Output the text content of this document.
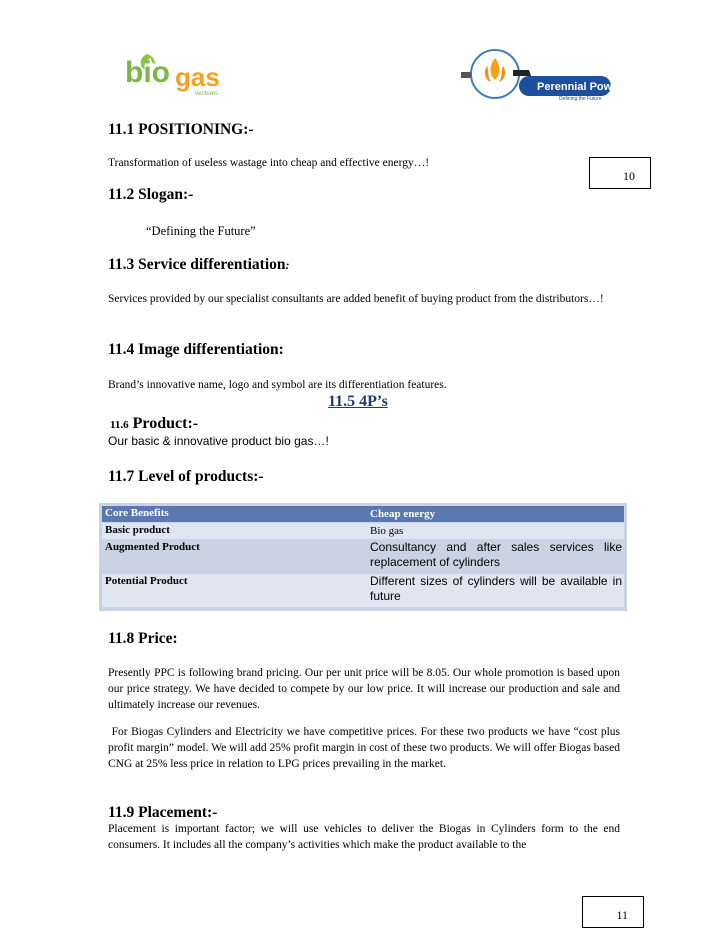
bio gas
ventures
Perennial Powers
Defining the Future
11.1 POSITIONING:-
Transformation of useless wastage into cheap and effective energy…!
10
11.2 Slogan:-
“Defining the Future”
11.3 Service differentiation:
Services provided by our specialist consultants are added benefit of buying product from the distributors…!
11.4 Image differentiation:
Brand’s innovative name, logo and symbol are its differentiation features.
11.5 4P’s
11.6 Product:-
Our basic & innovative product bio gas…!
11.7 Level of products:-
Core Benefits	Cheap energy
Basic product	Bio gas
Augmented Product	Consultancy and after sales services like replacement of cylinders
Potential Product	Different sizes of cylinders will be available in future
11.8 Price:
Presently PPC is following brand pricing. Our per unit price will be 8.05. Our whole promotion is based upon our price strategy. We have decided to compete by our low price. It will increase our production and sale and ultimately increase our revenues.
For Biogas Cylinders and Electricity we have competitive prices. For these two products we have “cost plus profit margin” model. We will add 25% profit margin in cost of these two products. We will offer Biogas based CNG at 25% less price in relation to LPG prices prevailing in the market.
11.9 Placement:-
Placement is important factor; we will use vehicles to deliver the Biogas in Cylinders form to the end consumers. It includes all the company’s activities which make the product available to the
11
